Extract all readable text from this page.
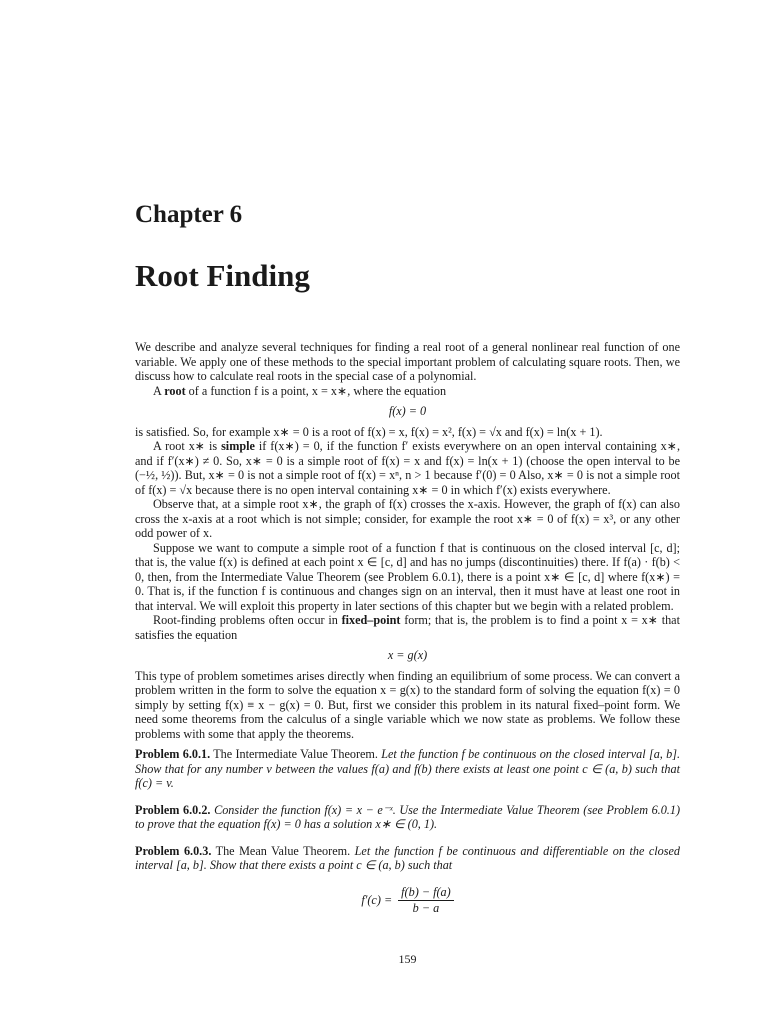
Chapter 6
Root Finding

We describe and analyze several techniques for finding a real root of a general nonlinear real function of one variable. We apply one of these methods to the special important problem of calculating square roots. Then, we discuss how to calculate real roots in the special case of a polynomial.

A root of a function f is a point, x = x∗, where the equation

f(x) = 0

is satisfied. So, for example x∗ = 0 is a root of f(x) = x, f(x) = x², f(x) = √x and f(x) = ln(x + 1).

A root x∗ is simple if f(x∗) = 0, if the function f′ exists everywhere on an open interval containing x∗, and if f′(x∗) ≠ 0. So, x∗ = 0 is a simple root of f(x) = x and f(x) = ln(x + 1) (choose the open interval to be (−½, ½)). But, x∗ = 0 is not a simple root of f(x) = xⁿ, n > 1 because f′(0) = 0 Also, x∗ = 0 is not a simple root of f(x) = √x because there is no open interval containing x∗ = 0 in which f′(x) exists everywhere.

Observe that, at a simple root x∗, the graph of f(x) crosses the x-axis. However, the graph of f(x) can also cross the x-axis at a root which is not simple; consider, for example the root x∗ = 0 of f(x) = x³, or any other odd power of x.

Suppose we want to compute a simple root of a function f that is continuous on the closed interval [c, d]; that is, the value f(x) is defined at each point x ∈ [c, d] and has no jumps (discontinuities) there. If f(a) · f(b) < 0, then, from the Intermediate Value Theorem (see Problem 6.0.1), there is a point x∗ ∈ [c, d] where f(x∗) = 0. That is, if the function f is continuous and changes sign on an interval, then it must have at least one root in that interval. We will exploit this property in later sections of this chapter but we begin with a related problem.

Root-finding problems often occur in fixed–point form; that is, the problem is to find a point x = x∗ that satisfies the equation

x = g(x)

This type of problem sometimes arises directly when finding an equilibrium of some process. We can convert a problem written in the form to solve the equation x = g(x) to the standard form of solving the equation f(x) = 0 simply by setting f(x) ≡ x − g(x) = 0. But, first we consider this problem in its natural fixed–point form. We need some theorems from the calculus of a single variable which we now state as problems. We follow these problems with some that apply the theorems.

Problem 6.0.1. The Intermediate Value Theorem. Let the function f be continuous on the closed interval [a, b]. Show that for any number v between the values f(a) and f(b) there exists at least one point c ∈ (a, b) such that f(c) = v.

Problem 6.0.2. Consider the function f(x) = x − e⁻ˣ. Use the Intermediate Value Theorem (see Problem 6.0.1) to prove that the equation f(x) = 0 has a solution x∗ ∈ (0, 1).

Problem 6.0.3. The Mean Value Theorem. Let the function f be continuous and differentiable on the closed interval [a, b]. Show that there exists a point c ∈ (a, b) such that

$f'(c) = \frac{f(b) - f(a)}{b - a}$
159
